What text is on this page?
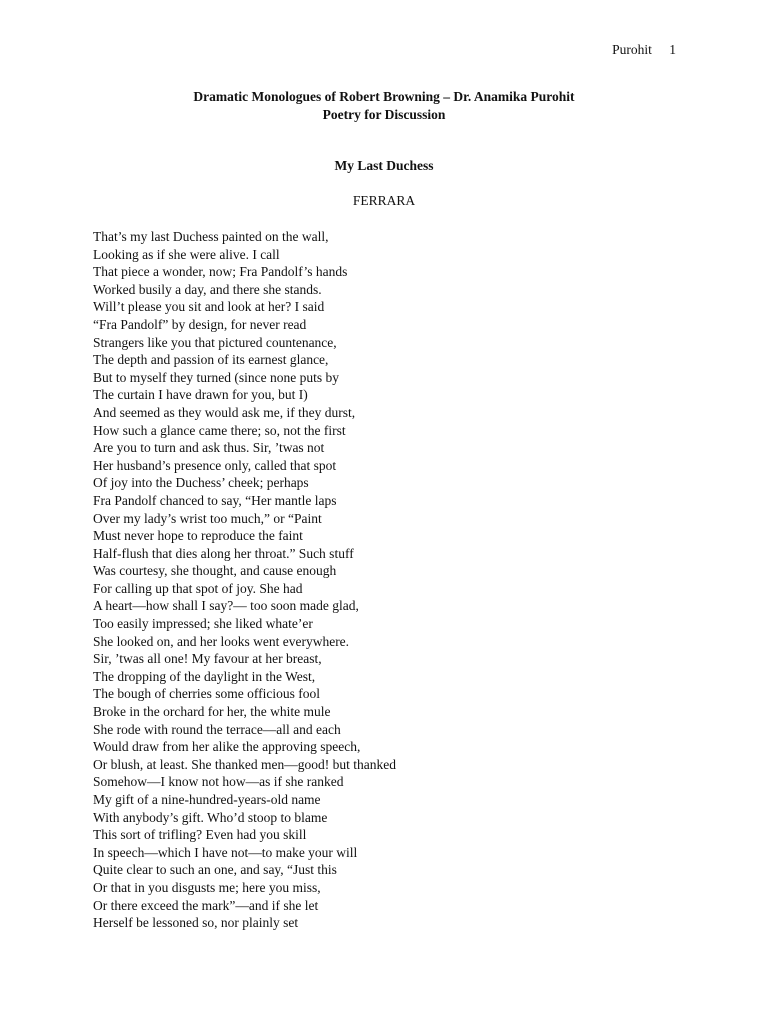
Purohit 1
Dramatic Monologues of Robert Browning – Dr. Anamika Purohit
Poetry for Discussion
My Last Duchess
FERRARA
That’s my last Duchess painted on the wall,
Looking as if she were alive. I call
That piece a wonder, now; Fra Pandolf’s hands
Worked busily a day, and there she stands.
Will’t please you sit and look at her? I said
“Fra Pandolf” by design, for never read
Strangers like you that pictured countenance,
The depth and passion of its earnest glance,
But to myself they turned (since none puts by
The curtain I have drawn for you, but I)
And seemed as they would ask me, if they durst,
How such a glance came there; so, not the first
Are you to turn and ask thus. Sir, ’twas not
Her husband’s presence only, called that spot
Of joy into the Duchess’ cheek; perhaps
Fra Pandolf chanced to say, “Her mantle laps
Over my lady’s wrist too much,” or “Paint
Must never hope to reproduce the faint
Half-flush that dies along her throat.” Such stuff
Was courtesy, she thought, and cause enough
For calling up that spot of joy. She had
A heart—how shall I say?— too soon made glad,
Too easily impressed; she liked whate’er
She looked on, and her looks went everywhere.
Sir, ’twas all one! My favour at her breast,
The dropping of the daylight in the West,
The bough of cherries some officious fool
Broke in the orchard for her, the white mule
She rode with round the terrace—all and each
Would draw from her alike the approving speech,
Or blush, at least. She thanked men—good! but thanked
Somehow—I know not how—as if she ranked
My gift of a nine-hundred-years-old name
With anybody’s gift. Who’d stoop to blame
This sort of trifling? Even had you skill
In speech—which I have not—to make your will
Quite clear to such an one, and say, “Just this
Or that in you disgusts me; here you miss,
Or there exceed the mark”—and if she let
Herself be lessoned so, nor plainly set
